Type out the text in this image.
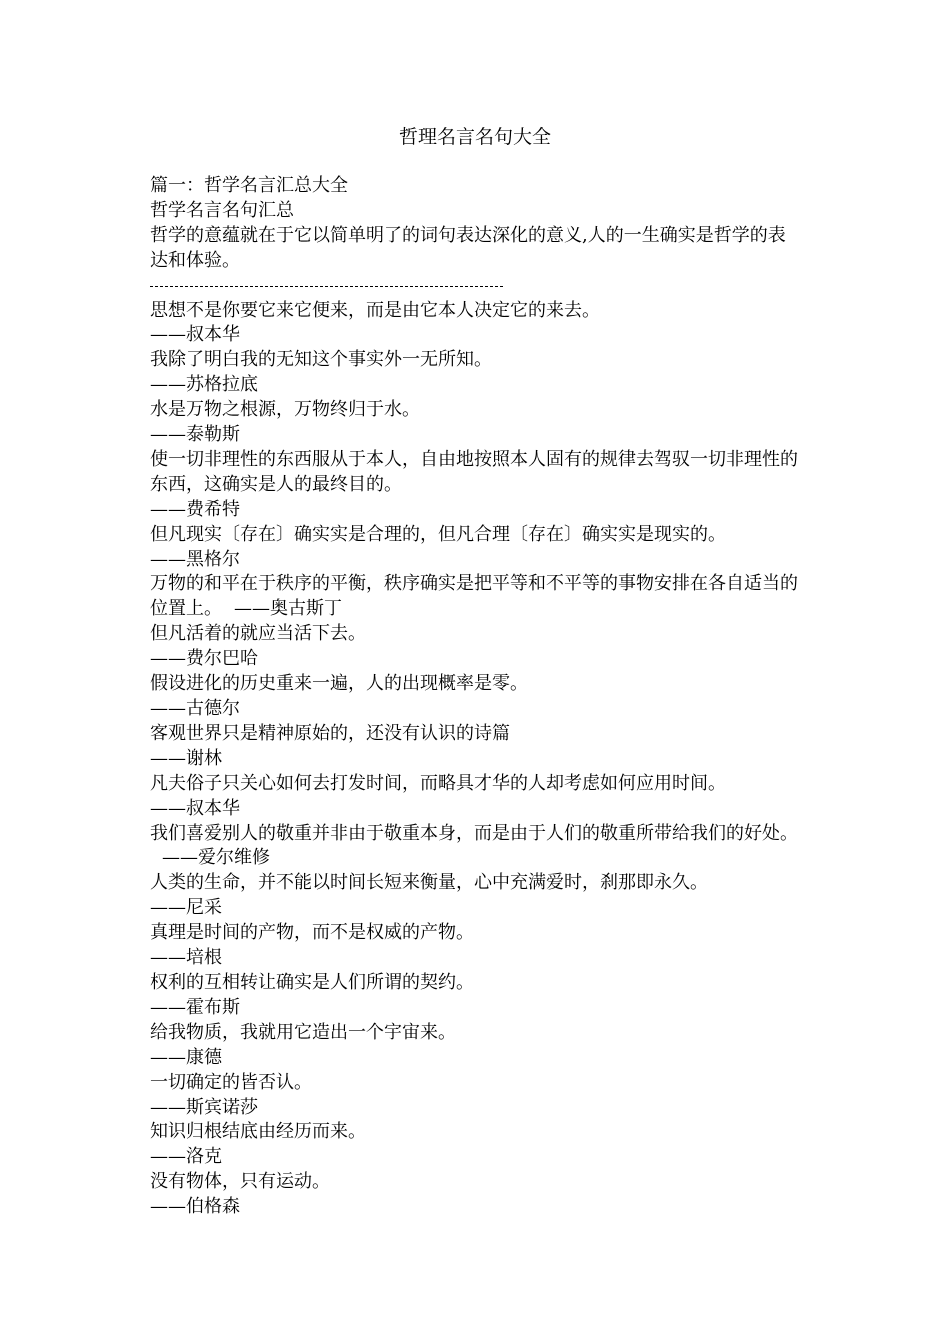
哲理名言名句大全
篇一：哲学名言汇总大全
哲学名言名句汇总
哲学的意蕴就在于它以简单明了的词句表达深化的意义,人的一生确实是哲学的表达和体验。
思想不是你要它来它便来，而是由它本人决定它的来去。
——叔本华
我除了明白我的无知这个事实外一无所知。
——苏格拉底
水是万物之根源，万物终归于水。
——泰勒斯
使一切非理性的东西服从于本人，自由地按照本人固有的规律去驾驭一切非理性的东西，这确实是人的最终目的。
——费希特
但凡现实〔存在〕确实实是合理的，但凡合理〔存在〕确实实是现实的。
——黑格尔
万物的和平在于秩序的平衡，秩序确实是把平等和不平等的事物安排在各自适当的位置上。 ——奥古斯丁
但凡活着的就应当活下去。
——费尔巴哈
假设进化的历史重来一遍，人的出现概率是零。
——古德尔
客观世界只是精神原始的，还没有认识的诗篇
——谢林
凡夫俗子只关心如何去打发时间，而略具才华的人却考虑如何应用时间。
——叔本华
我们喜爱别人的敬重并非由于敬重本身，而是由于人们的敬重所带给我们的好处。——爱尔维修
人类的生命，并不能以时间长短来衡量，心中充满爱时，刹那即永久。
——尼采
真理是时间的产物，而不是权威的产物。
——培根
权利的互相转让确实是人们所谓的契约。
——霍布斯
给我物质，我就用它造出一个宇宙来。
——康德
一切确定的皆否认。
——斯宾诺莎
知识归根结底由经历而来。
——洛克
没有物体，只有运动。
——伯格森
